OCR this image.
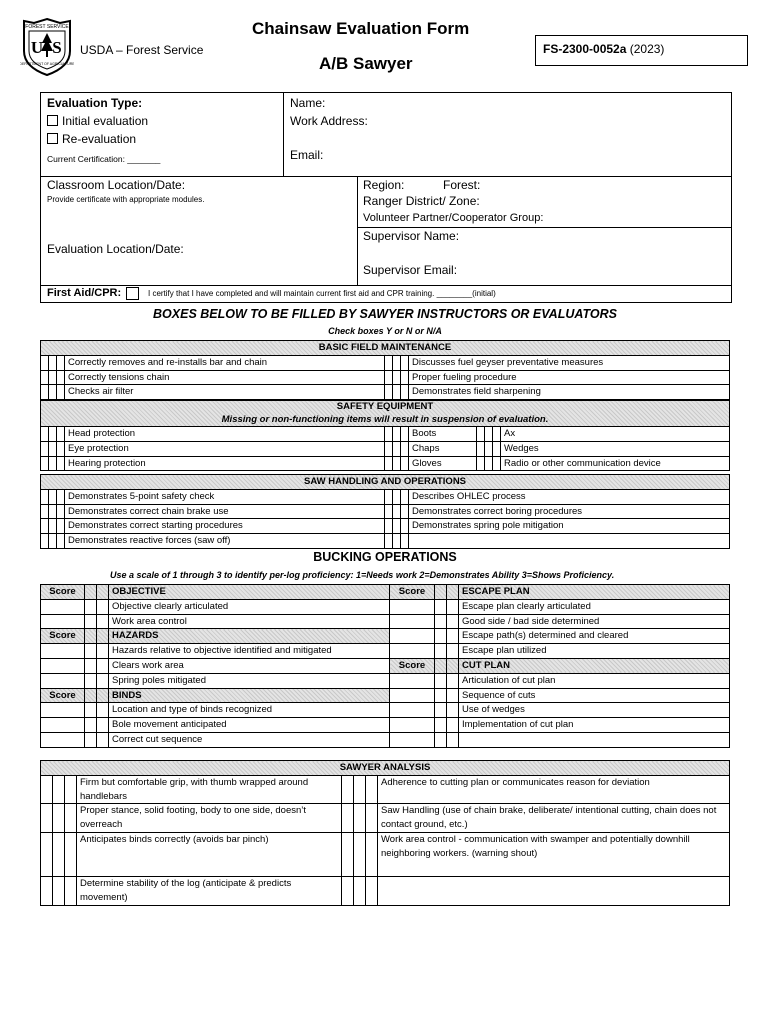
FOREST SERVICE
U S
DEPARTMENT OF AGRICULTURE
USDA – Forest Service
Chainsaw Evaluation Form
A/B Sawyer
FS-2300-0052a (2023)
Evaluation Type:
Initial evaluation
Re-evaluation
Current Certification: _______
Name:
Work Address:
Email:
Classroom Location/Date:
Provide certificate with appropriate modules.
Evaluation Location/Date:
Region:	Forest:
Ranger District/ Zone:
Volunteer Partner/Cooperator Group:
Supervisor Name:
Supervisor Email:
First Aid/CPR:	I certify that I have completed and will maintain current first aid and CPR training. ________(initial)
BOXES BELOW TO BE FILLED BY SAWYER INSTRUCTORS OR EVALUATORS
Check boxes Y or N or N/A
BASIC FIELD MAINTENANCE							
			Correctly removes and re-installs bar and chain				Discusses fuel geyser preventative measures
			Correctly tensions chain				Proper fueling procedure
			Checks air filter				Demonstrates field sharpening
SAFETY EQUIPMENT
Missing or non-functioning items will result in suspension of evaluation.											

			Head protection				Boots				Ax
			Eye protection				Chaps				Wedges
			Hearing protection				Gloves				Radio or other communication device
SAW HANDLING AND OPERATIONS							
			Demonstrates 5-point safety check				Describes OHLEC process
			Demonstrates correct chain brake use				Demonstrates correct boring procedures
			Demonstrates correct starting procedures				Demonstrates spring pole mitigation
			Demonstrates reactive forces (saw off)				
BUCKING OPERATIONS
Use a scale of 1 through 3 to identify per-log proficiency: 1=Needs work 2=Demonstrates Ability 3=Shows Proficiency.
Score			OBJECTIVE	Score			ESCAPE PLAN
			Objective clearly articulated				Escape plan clearly articulated
			Work area control				Good side / bad side determined
Score			HAZARDS				Escape path(s) determined and cleared
			Hazards relative to objective identified and mitigated				Escape plan utilized
			Clears work area	Score			CUT PLAN
			Spring poles mitigated				Articulation of cut plan
Score			BINDS				Sequence of cuts
			Location and type of binds recognized				Use of wedges
			Bole movement anticipated				Implementation of cut plan
			Correct cut sequence				
SAWYER ANALYSIS							
			Firm but comfortable grip, with thumb wrapped around handlebars				Adherence to cutting plan or communicates reason for deviation
			Proper stance, solid footing, body to one side, doesn’t overreach				Saw Handling (use of chain brake, deliberate/ intentional cutting, chain does not contact ground, etc.)
			Anticipates binds correctly (avoids bar pinch)				Work area control - communication with swamper and potentially downhill neighboring workers. (warning shout)
			Determine stability of the log (anticipate & predicts movement)				
